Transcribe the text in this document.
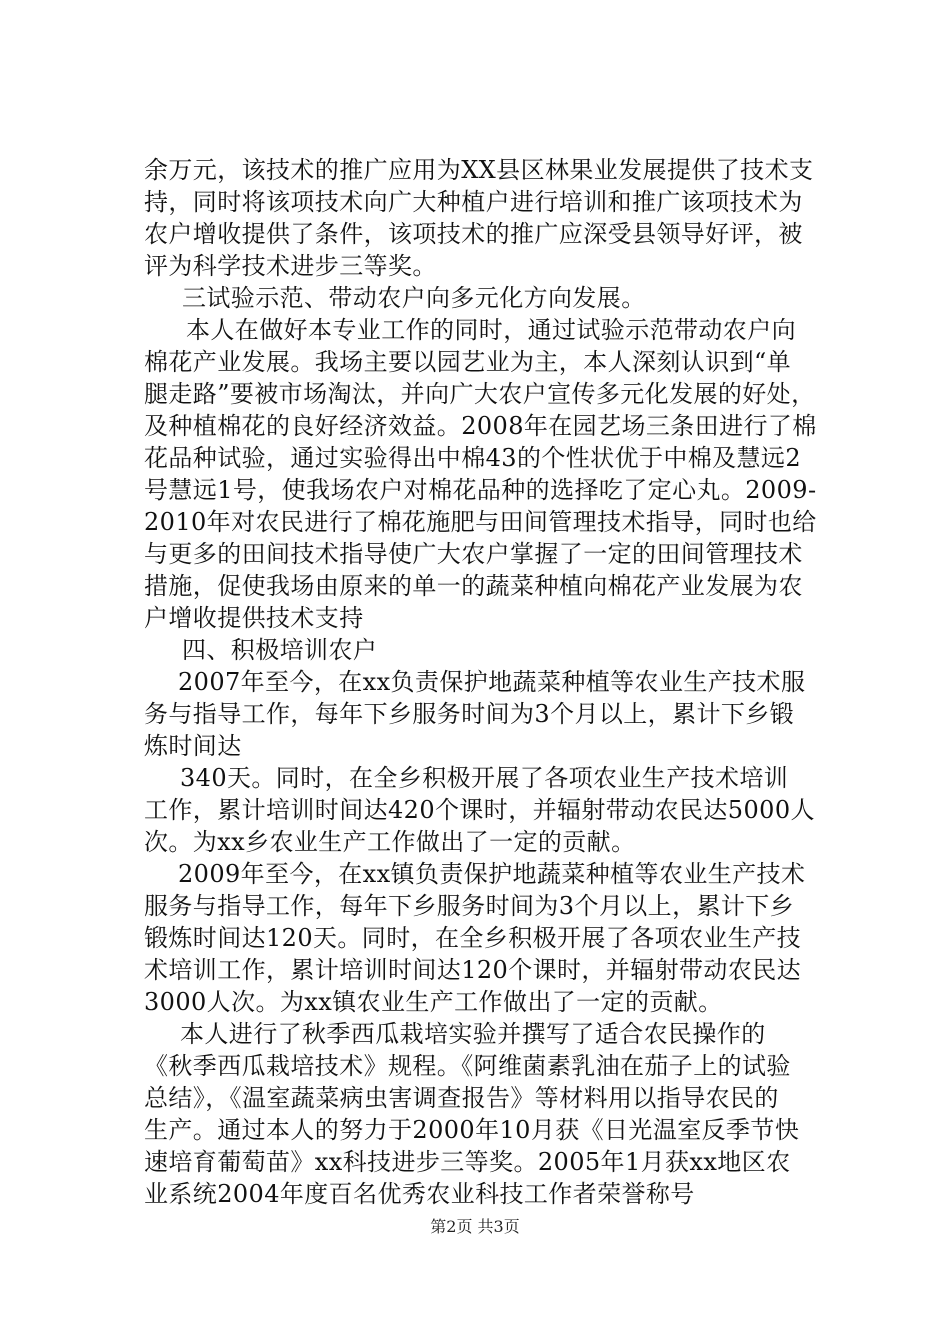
余万元，该技术的推广应用为XX县区林果业发展提供了技术支
持，同时将该项技术向广大种植户进行培训和推广该项技术为
农户增收提供了条件，该项技术的推广应深受县领导好评，被
评为科学技术进步三等奖。
三试验示范、带动农户向多元化方向发展。
本人在做好本专业工作的同时，通过试验示范带动农户向
棉花产业发展。我场主要以园艺业为主，本人深刻认识到“单
腿走路”要被市场淘汰，并向广大农户宣传多元化发展的好处，
及种植棉花的良好经济效益。2008年在园艺场三条田进行了棉
花品种试验，通过实验得出中棉43的个性状优于中棉及慧远2
号慧远1号，使我场农户对棉花品种的选择吃了定心丸。2009-
2010年对农民进行了棉花施肥与田间管理技术指导，同时也给
与更多的田间技术指导使广大农户掌握了一定的田间管理技术
措施，促使我场由原来的单一的蔬菜种植向棉花产业发展为农
户增收提供技术支持
四、积极培训农户
2007年至今，在xx负责保护地蔬菜种植等农业生产技术服
务与指导工作，每年下乡服务时间为3个月以上，累计下乡锻
炼时间达
340天。同时，在全乡积极开展了各项农业生产技术培训
工作，累计培训时间达420个课时，并辐射带动农民达5000人
次。为xx乡农业生产工作做出了一定的贡献。
2009年至今，在xx镇负责保护地蔬菜种植等农业生产技术
服务与指导工作，每年下乡服务时间为3个月以上，累计下乡
锻炼时间达120天。同时，在全乡积极开展了各项农业生产技
术培训工作，累计培训时间达120个课时，并辐射带动农民达
3000人次。为xx镇农业生产工作做出了一定的贡献。
本人进行了秋季西瓜栽培实验并撰写了适合农民操作的
《秋季西瓜栽培技术》规程。《阿维菌素乳油在茄子上的试验
总结》，《温室蔬菜病虫害调查报告》等材料用以指导农民的
生产。通过本人的努力于2000年10月获《日光温室反季节快
速培育葡萄苗》xx科技进步三等奖。2005年1月获xx地区农
业系统2004年度百名优秀农业科技工作者荣誉称号
第2页 共3页
